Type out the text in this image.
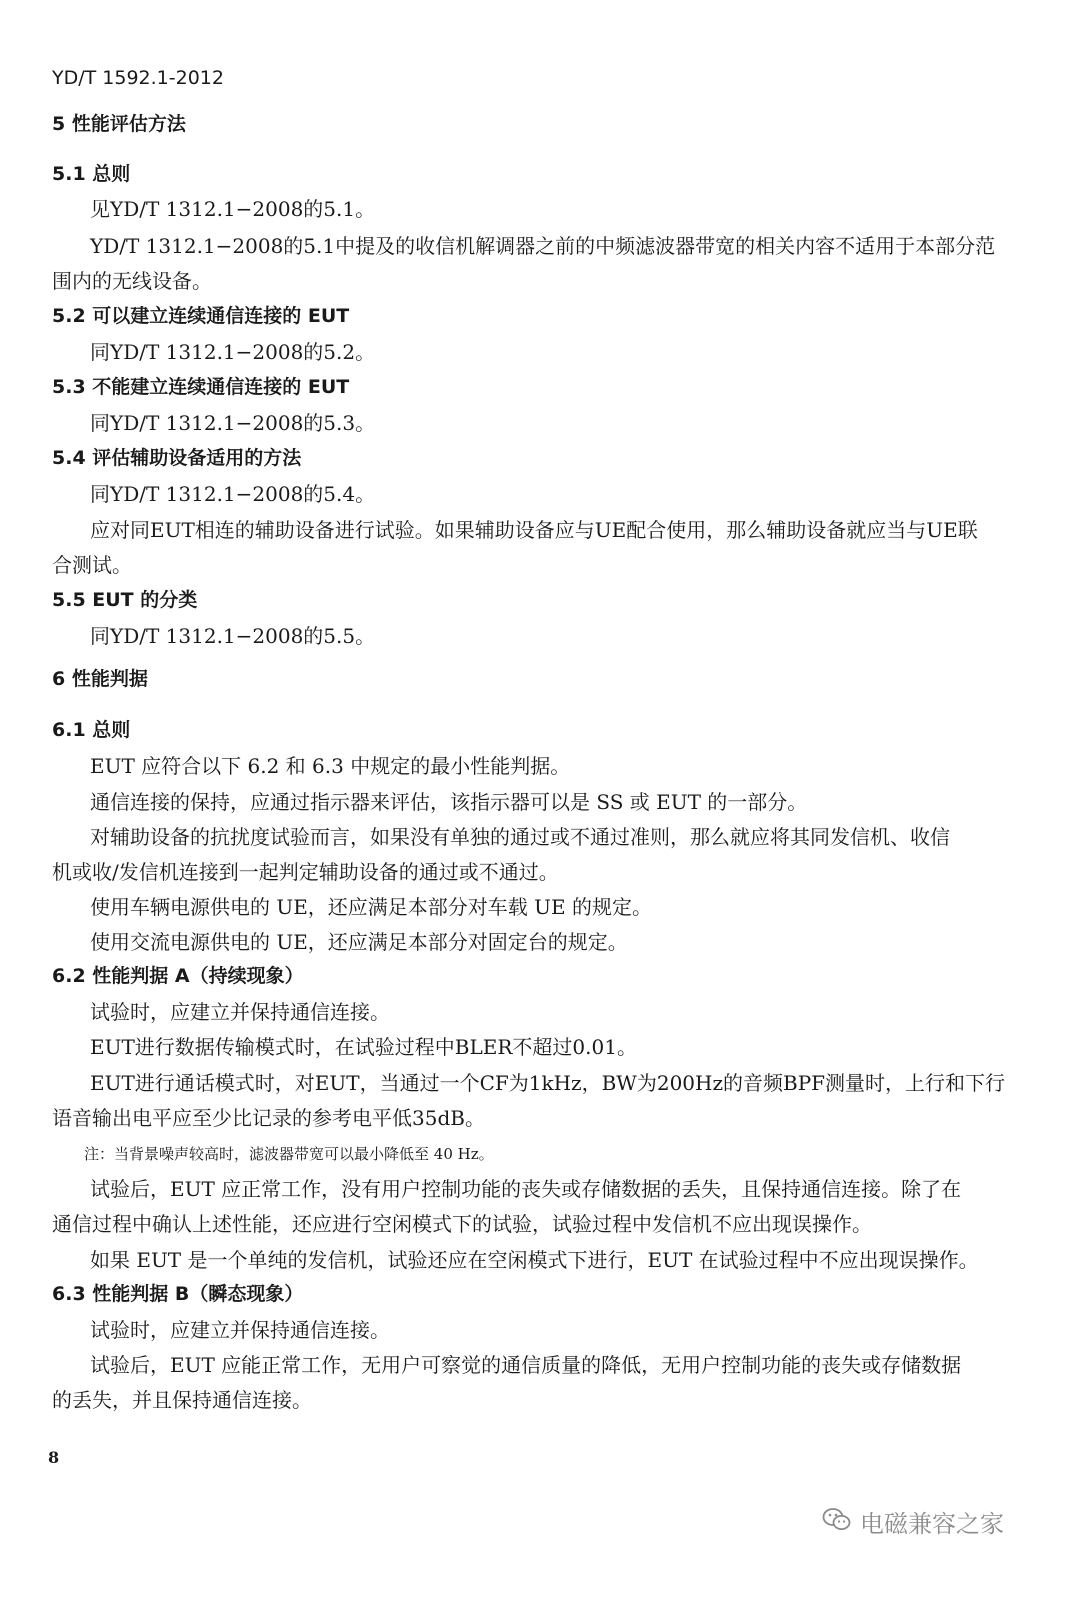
YD/T 1592.1-2012
5 性能评估方法
5.1 总则
见YD/T 1312.1−2008的5.1。
YD/T 1312.1−2008的5.1中提及的收信机解调器之前的中频滤波器带宽的相关内容不适用于本部分范
围内的无线设备。
5.2 可以建立连续通信连接的 EUT
同YD/T 1312.1−2008的5.2。
5.3 不能建立连续通信连接的 EUT
同YD/T 1312.1−2008的5.3。
5.4 评估辅助设备适用的方法
同YD/T 1312.1−2008的5.4。
应对同EUT相连的辅助设备进行试验。如果辅助设备应与UE配合使用，那么辅助设备就应当与UE联
合测试。
5.5 EUT 的分类
同YD/T 1312.1−2008的5.5。
6 性能判据
6.1 总则
EUT 应符合以下 6.2 和 6.3 中规定的最小性能判据。
通信连接的保持，应通过指示器来评估，该指示器可以是 SS 或 EUT 的一部分。
对辅助设备的抗扰度试验而言，如果没有单独的通过或不通过准则，那么就应将其同发信机、收信
机或收/发信机连接到一起判定辅助设备的通过或不通过。
使用车辆电源供电的 UE，还应满足本部分对车载 UE 的规定。
使用交流电源供电的 UE，还应满足本部分对固定台的规定。
6.2 性能判据 A（持续现象）
试验时，应建立并保持通信连接。
EUT进行数据传输模式时，在试验过程中BLER不超过0.01。
EUT进行通话模式时，对EUT，当通过一个CF为1kHz，BW为200Hz的音频BPF测量时，上行和下行
语音输出电平应至少比记录的参考电平低35dB。
注：当背景噪声较高时，滤波器带宽可以最小降低至 40 Hz。
试验后，EUT 应正常工作，没有用户控制功能的丧失或存储数据的丢失，且保持通信连接。除了在
通信过程中确认上述性能，还应进行空闲模式下的试验，试验过程中发信机不应出现误操作。
如果 EUT 是一个单纯的发信机，试验还应在空闲模式下进行，EUT 在试验过程中不应出现误操作。
6.3 性能判据 B（瞬态现象）
试验时，应建立并保持通信连接。
试验后，EUT 应能正常工作，无用户可察觉的通信质量的降低，无用户控制功能的丧失或存储数据
的丢失，并且保持通信连接。
8
电磁兼容之家
